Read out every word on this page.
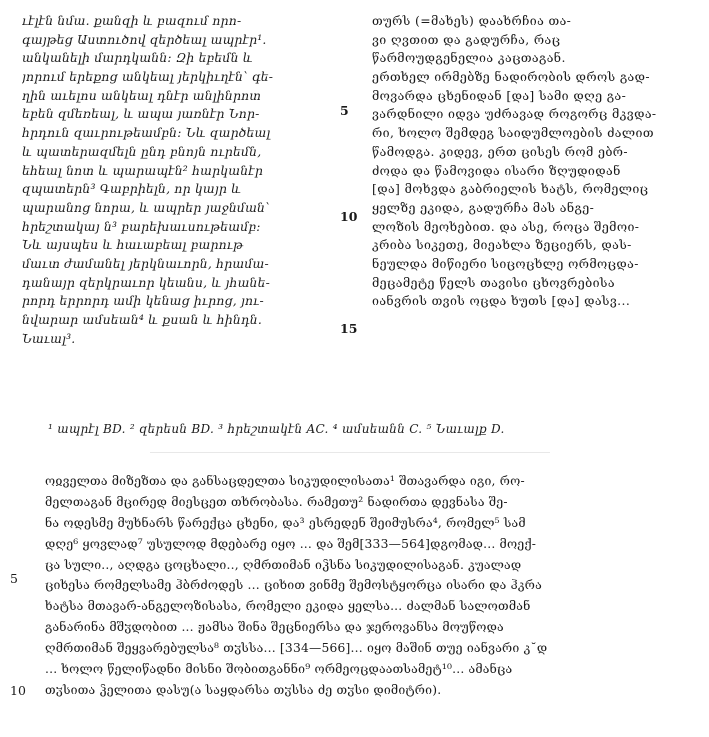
ւէլէն նմա. քանզի և բազում որո-
գայթեց Աստուծով զերծեալ ապրէր¹.
անկանելի մարդկանն: Զի եբեմն և
յորում երեքոց անկեալ յերկիւղէն՝ գե-
ղին աւելոս անկեալ դնէր անլինրոտ
եբեն զմեռեալ, և ապա յառնէր Նոր-
հրդուն զաւրութեամբն: Նև զարծեալ
և պատերազմելն ընդ բնոյն ուրեմն,
եհեալ նոտ և պարապէն² հարկանէր
զպատերն³ Գաբրիելն, որ կայր և
պարանոց նորա, և ապրեր յաջնման՝
հրեշտակայ ն³ բարեխաւսութեամբ:
Նև այսպես և հաւաբեալ բարութ
մաւտ ժամանել յերկնաւորն, հրամա-
դանայր զերկրաւոր կեանս, և յհանե-
րորդ երրորդ ամի կենաց իւրոց, յու-
նվարար ամսեան⁴ և քսան և հինդն.
Նաւալ³.
5
10
15
თურს (=მახეს) დაახრჩია თა-
ვი ღვთით და გადურჩა, რაც
წარმოუდგენელია კაცთაგან.
ერთხელ ირმებზე ნადირობის დროს გად-
მოვარდა ცხენიდან [და] სამი დღე გა-
ვარდნილი იდვა უძრავად როგორც მკვდა-
რი, ხოლო შემდეგ საიდუმლოების ძალით
წამოდგა. კიდევ, ერთ ცისეს რომ ებრ-
ძოდა და წამოვიდა ისარი ზღუდიდან
[და] მოხვდა გაბრიელის ხატს, რომელიც
ყელზე ეკიდა, გადურჩა მას ანგე-
ლოზის მეოხებით. და ასე, როცა შემოი-
კრიბა სიკეთე, მიეახლა ზეციერს, დას-
ნეულდა მიწიერი სიცოცხლე ორმოცდა-
მეცამეტე წელს თავისი ცხოვრებისა
იანვრის თვის ოცდა ხუთს [და] დასვ...
¹ ապրէլ BD. ² զերեսն BD. ³ հրեշտակէն AC. ⁴ ամսեանն C. ⁵ Նաւալք D.
5
10
ოჲველთა მიზეზთა და განსაცდელთა სიკუდილისათა¹ შთავარდა იგი, რო-
მელთაგან მცირედ მიესცეთ თხრობასა. რამეთუ² ნადირთა დევნასა შე-
ნა ოდესმე მუხნარს წარექცა ცხენი, და³ ესრედენ შეიმუსრა⁴, რომელ⁵ სამ
დღე⁶ ყოვლად⁷ უსულოდ მდებარე იყო ... და შემ[333—564]დგომად... მოექ-
ცა სული.., აღდგა ცოცხალი.., ღმრთიმან იჴსნა სიკუდილისაგან. კუალად
ციხესა რომელსამე ჰბრძოდეს ... ციხით ვინმე შემოსტყორცა ისარი და ჰკრა
ხატსა მთავარ-ანგელოზისასა, რომელი ეკიდა ყელსა... ძალმან სალოთმან
განარინა მშჳდობით ... ჟამსა შინა შეცნიერსა და ჯეროვანსა მოუწოდა
ღმრთიმან შეყვარებულსა⁸ თჳსსა... [334—566]... იყო მაშინ თუე იანვარი კ˘დ
... ხოლო წელიწადნი მისნი შობითგანნი⁹ ორმეოცდაათსამეტ¹⁰... ამანცა
თჳსითა ჴელითა დასუ(ა საყდარსა თჳსსა ძე თჳსი დიმიტრი).
